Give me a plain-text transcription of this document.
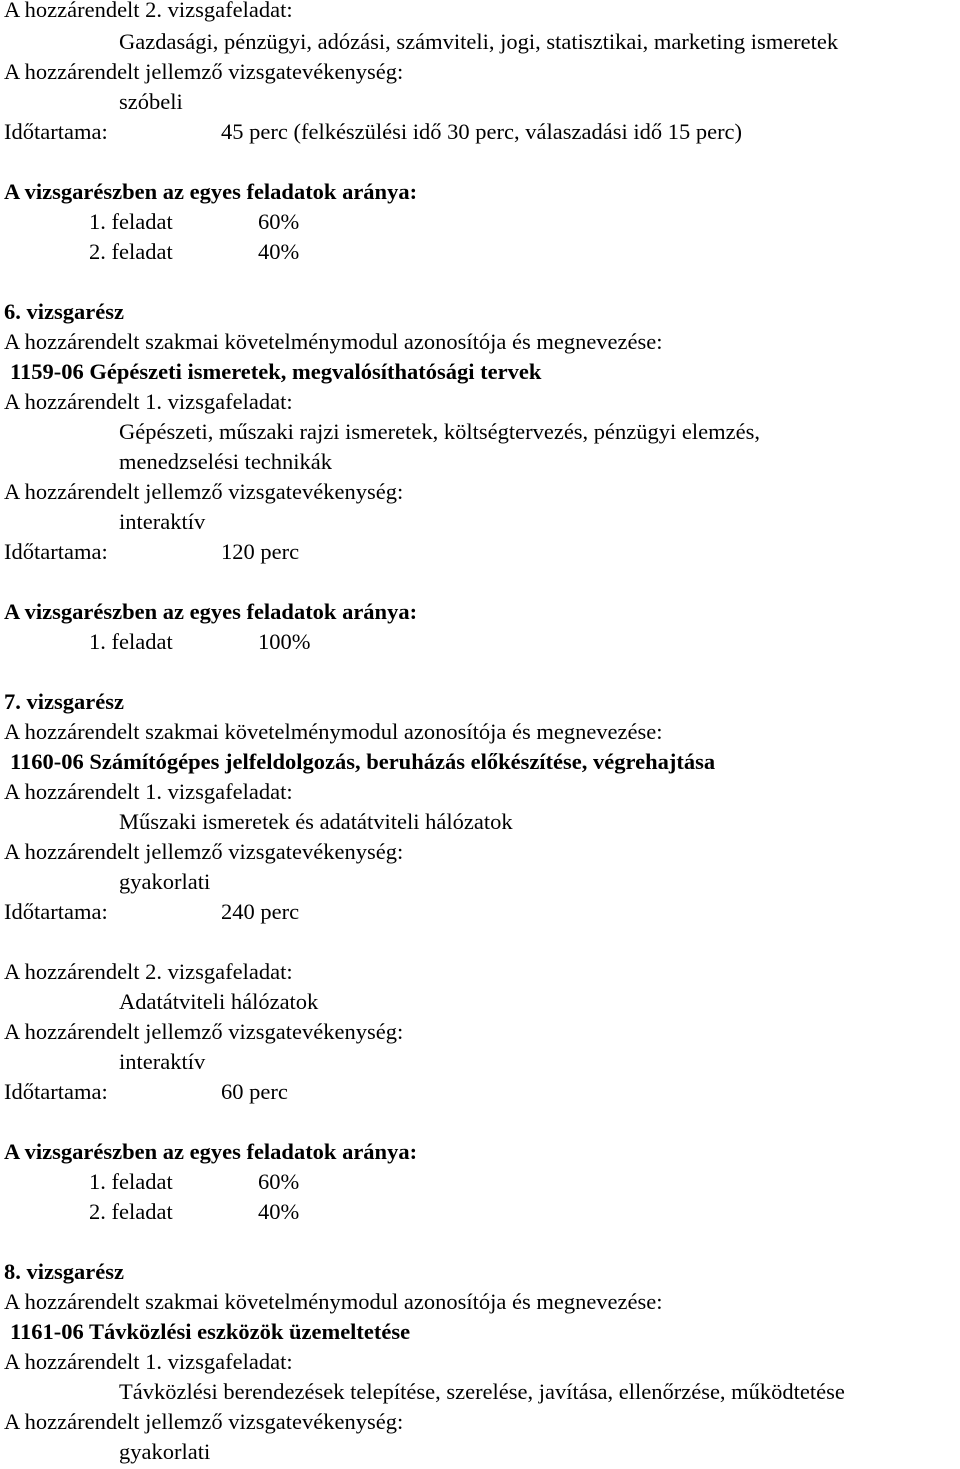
A hozzárendelt 2. vizsgafeladat:
Gazdasági, pénzügyi, adózási, számviteli, jogi, statisztikai, marketing ismeretek
A hozzárendelt jellemző vizsgatevékenység:
szóbeli
Időtartama:	45 perc (felkészülési idő 30 perc, válaszadási idő 15 perc)
A vizsgarészben az egyes feladatok aránya:
1. feladat	60%
2. feladat	40%
6. vizsgarész
A hozzárendelt szakmai követelménymodul azonosítója és megnevezése:
1159-06 Gépészeti ismeretek, megvalósíthatósági tervek
A hozzárendelt 1. vizsgafeladat:
Gépészeti, műszaki rajzi ismeretek, költségtervezés, pénzügyi elemzés,
menedzselési technikák
A hozzárendelt jellemző vizsgatevékenység:
interaktív
Időtartama:	120 perc
A vizsgarészben az egyes feladatok aránya:
1. feladat	100%
7. vizsgarész
A hozzárendelt szakmai követelménymodul azonosítója és megnevezése:
1160-06 Számítógépes jelfeldolgozás, beruházás előkészítése, végrehajtása
A hozzárendelt 1. vizsgafeladat:
Műszaki ismeretek és adatátviteli hálózatok
A hozzárendelt jellemző vizsgatevékenység:
gyakorlati
Időtartama:	240 perc
A hozzárendelt 2. vizsgafeladat:
Adatátviteli hálózatok
A hozzárendelt jellemző vizsgatevékenység:
interaktív
Időtartama:	60 perc
A vizsgarészben az egyes feladatok aránya:
1. feladat	60%
2. feladat	40%
8. vizsgarész
A hozzárendelt szakmai követelménymodul azonosítója és megnevezése:
1161-06 Távközlési eszközök üzemeltetése
A hozzárendelt 1. vizsgafeladat:
Távközlési berendezések telepítése, szerelése, javítása, ellenőrzése, működtetése
A hozzárendelt jellemző vizsgatevékenység:
gyakorlati
